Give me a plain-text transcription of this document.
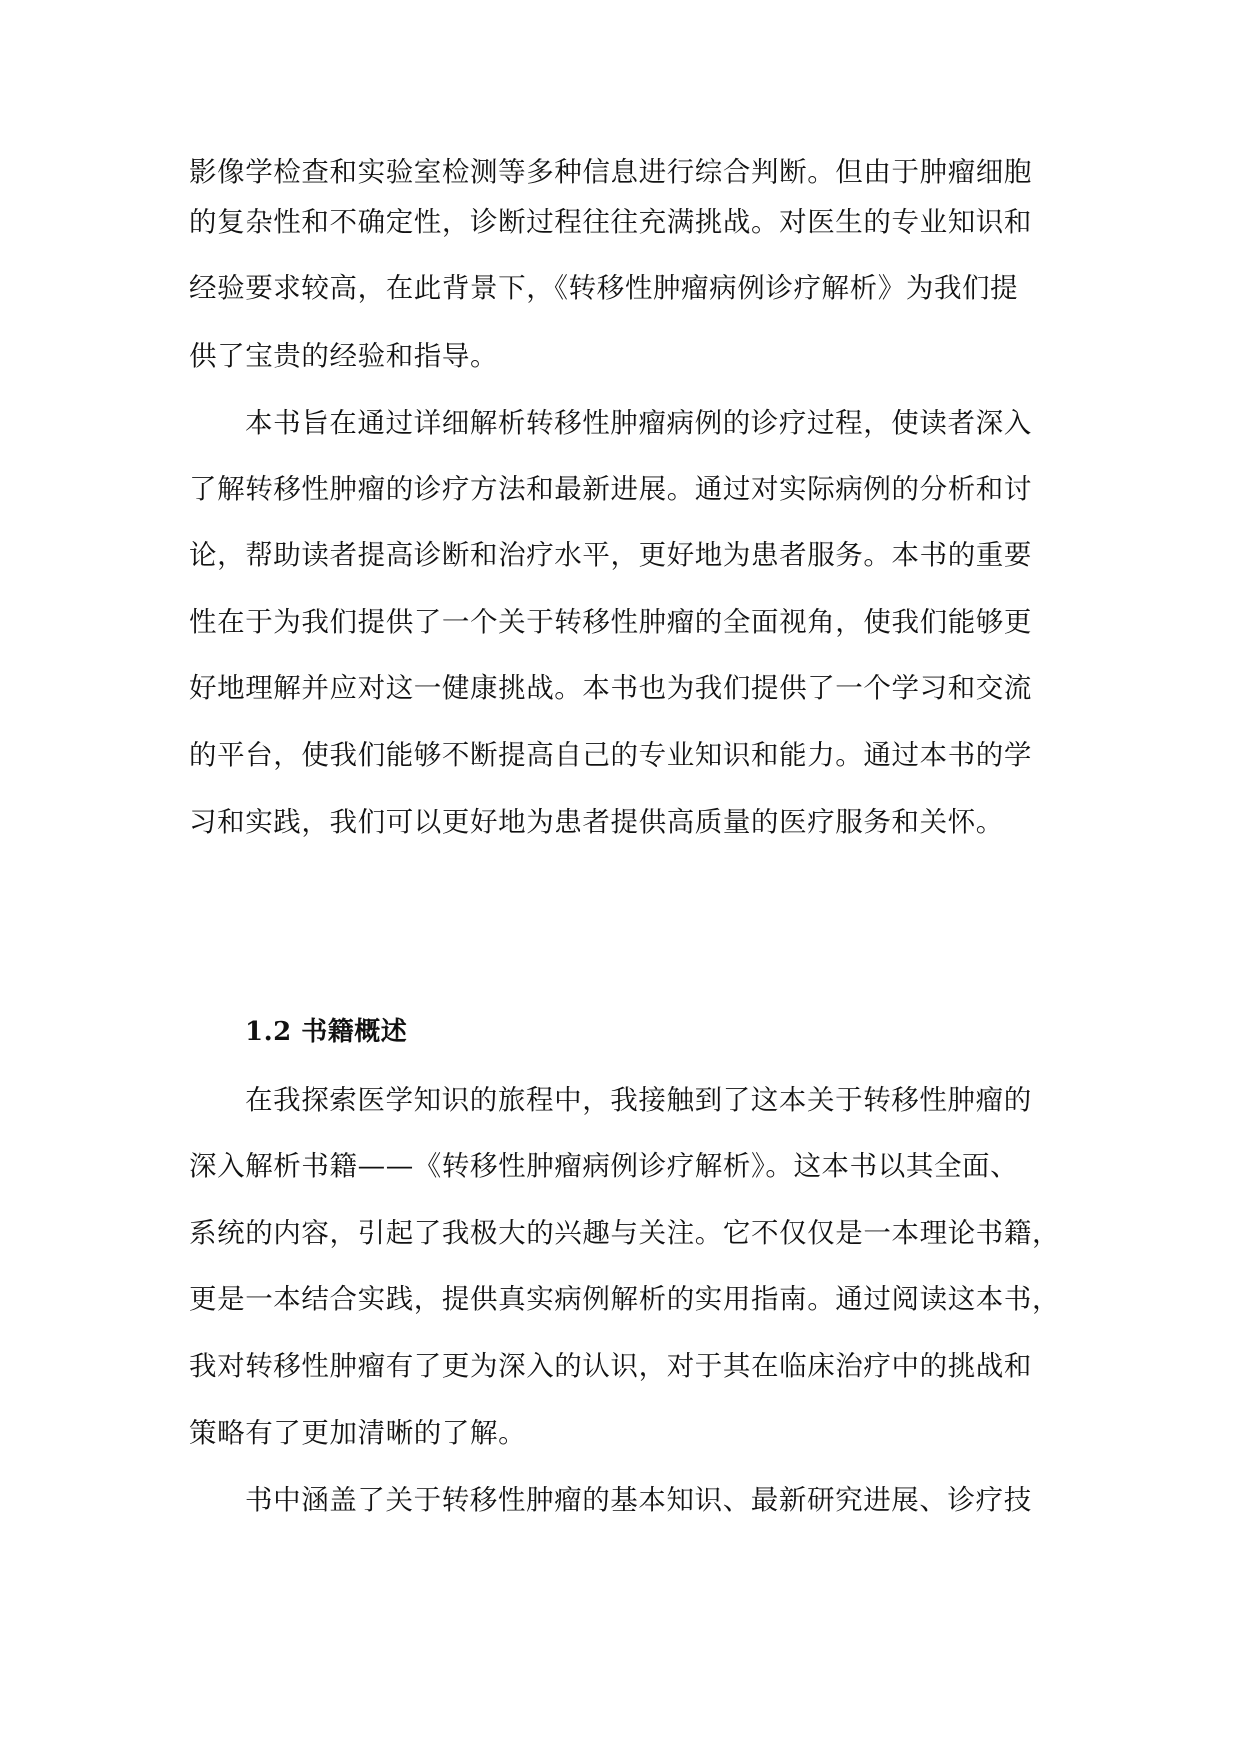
影像学检查和实验室检测等多种信息进行综合判断。但由于肿瘤细胞
的复杂性和不确定性，诊断过程往往充满挑战。对医生的专业知识和
经验要求较高，在此背景下，《转移性肿瘤病例诊疗解析》为我们提
供了宝贵的经验和指导。
本书旨在通过详细解析转移性肿瘤病例的诊疗过程，使读者深入
了解转移性肿瘤的诊疗方法和最新进展。通过对实际病例的分析和讨
论，帮助读者提高诊断和治疗水平，更好地为患者服务。本书的重要
性在于为我们提供了一个关于转移性肿瘤的全面视角，使我们能够更
好地理解并应对这一健康挑战。本书也为我们提供了一个学习和交流
的平台，使我们能够不断提高自己的专业知识和能力。通过本书的学
习和实践，我们可以更好地为患者提供高质量的医疗服务和关怀。
1.2 书籍概述
在我探索医学知识的旅程中，我接触到了这本关于转移性肿瘤的
深入解析书籍——《转移性肿瘤病例诊疗解析》。这本书以其全面、
系统的内容，引起了我极大的兴趣与关注。它不仅仅是一本理论书籍，
更是一本结合实践，提供真实病例解析的实用指南。通过阅读这本书，
我对转移性肿瘤有了更为深入的认识，对于其在临床治疗中的挑战和
策略有了更加清晰的了解。
书中涵盖了关于转移性肿瘤的基本知识、最新研究进展、诊疗技
